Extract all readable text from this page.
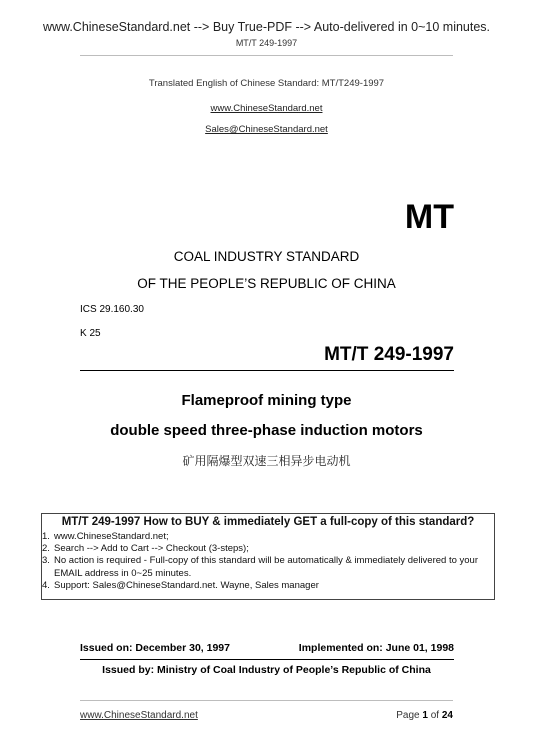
www.ChineseStandard.net --> Buy True-PDF --> Auto-delivered in 0~10 minutes.
MT/T 249-1997
Translated English of Chinese Standard: MT/T249-1997
www.ChineseStandard.net
Sales@ChineseStandard.net
MT
COAL INDUSTRY STANDARD
OF THE PEOPLE’S REPUBLIC OF CHINA
ICS 29.160.30
K 25
MT/T 249-1997
Flameproof mining type
double speed three-phase induction motors
矿用隔爆型双速三相异步电动机
MT/T 249-1997 How to BUY & immediately GET a full-copy of this standard?
1. www.ChineseStandard.net;
2. Search --> Add to Cart --> Checkout (3-steps);
3. No action is required - Full-copy of this standard will be automatically & immediately delivered to your EMAIL address in 0~25 minutes.
4. Support: Sales@ChineseStandard.net. Wayne, Sales manager
Issued on: December 30, 1997	Implemented on: June 01, 1998
Issued by: Ministry of Coal Industry of People’s Republic of China
www.ChineseStandard.net	Page 1 of 24
